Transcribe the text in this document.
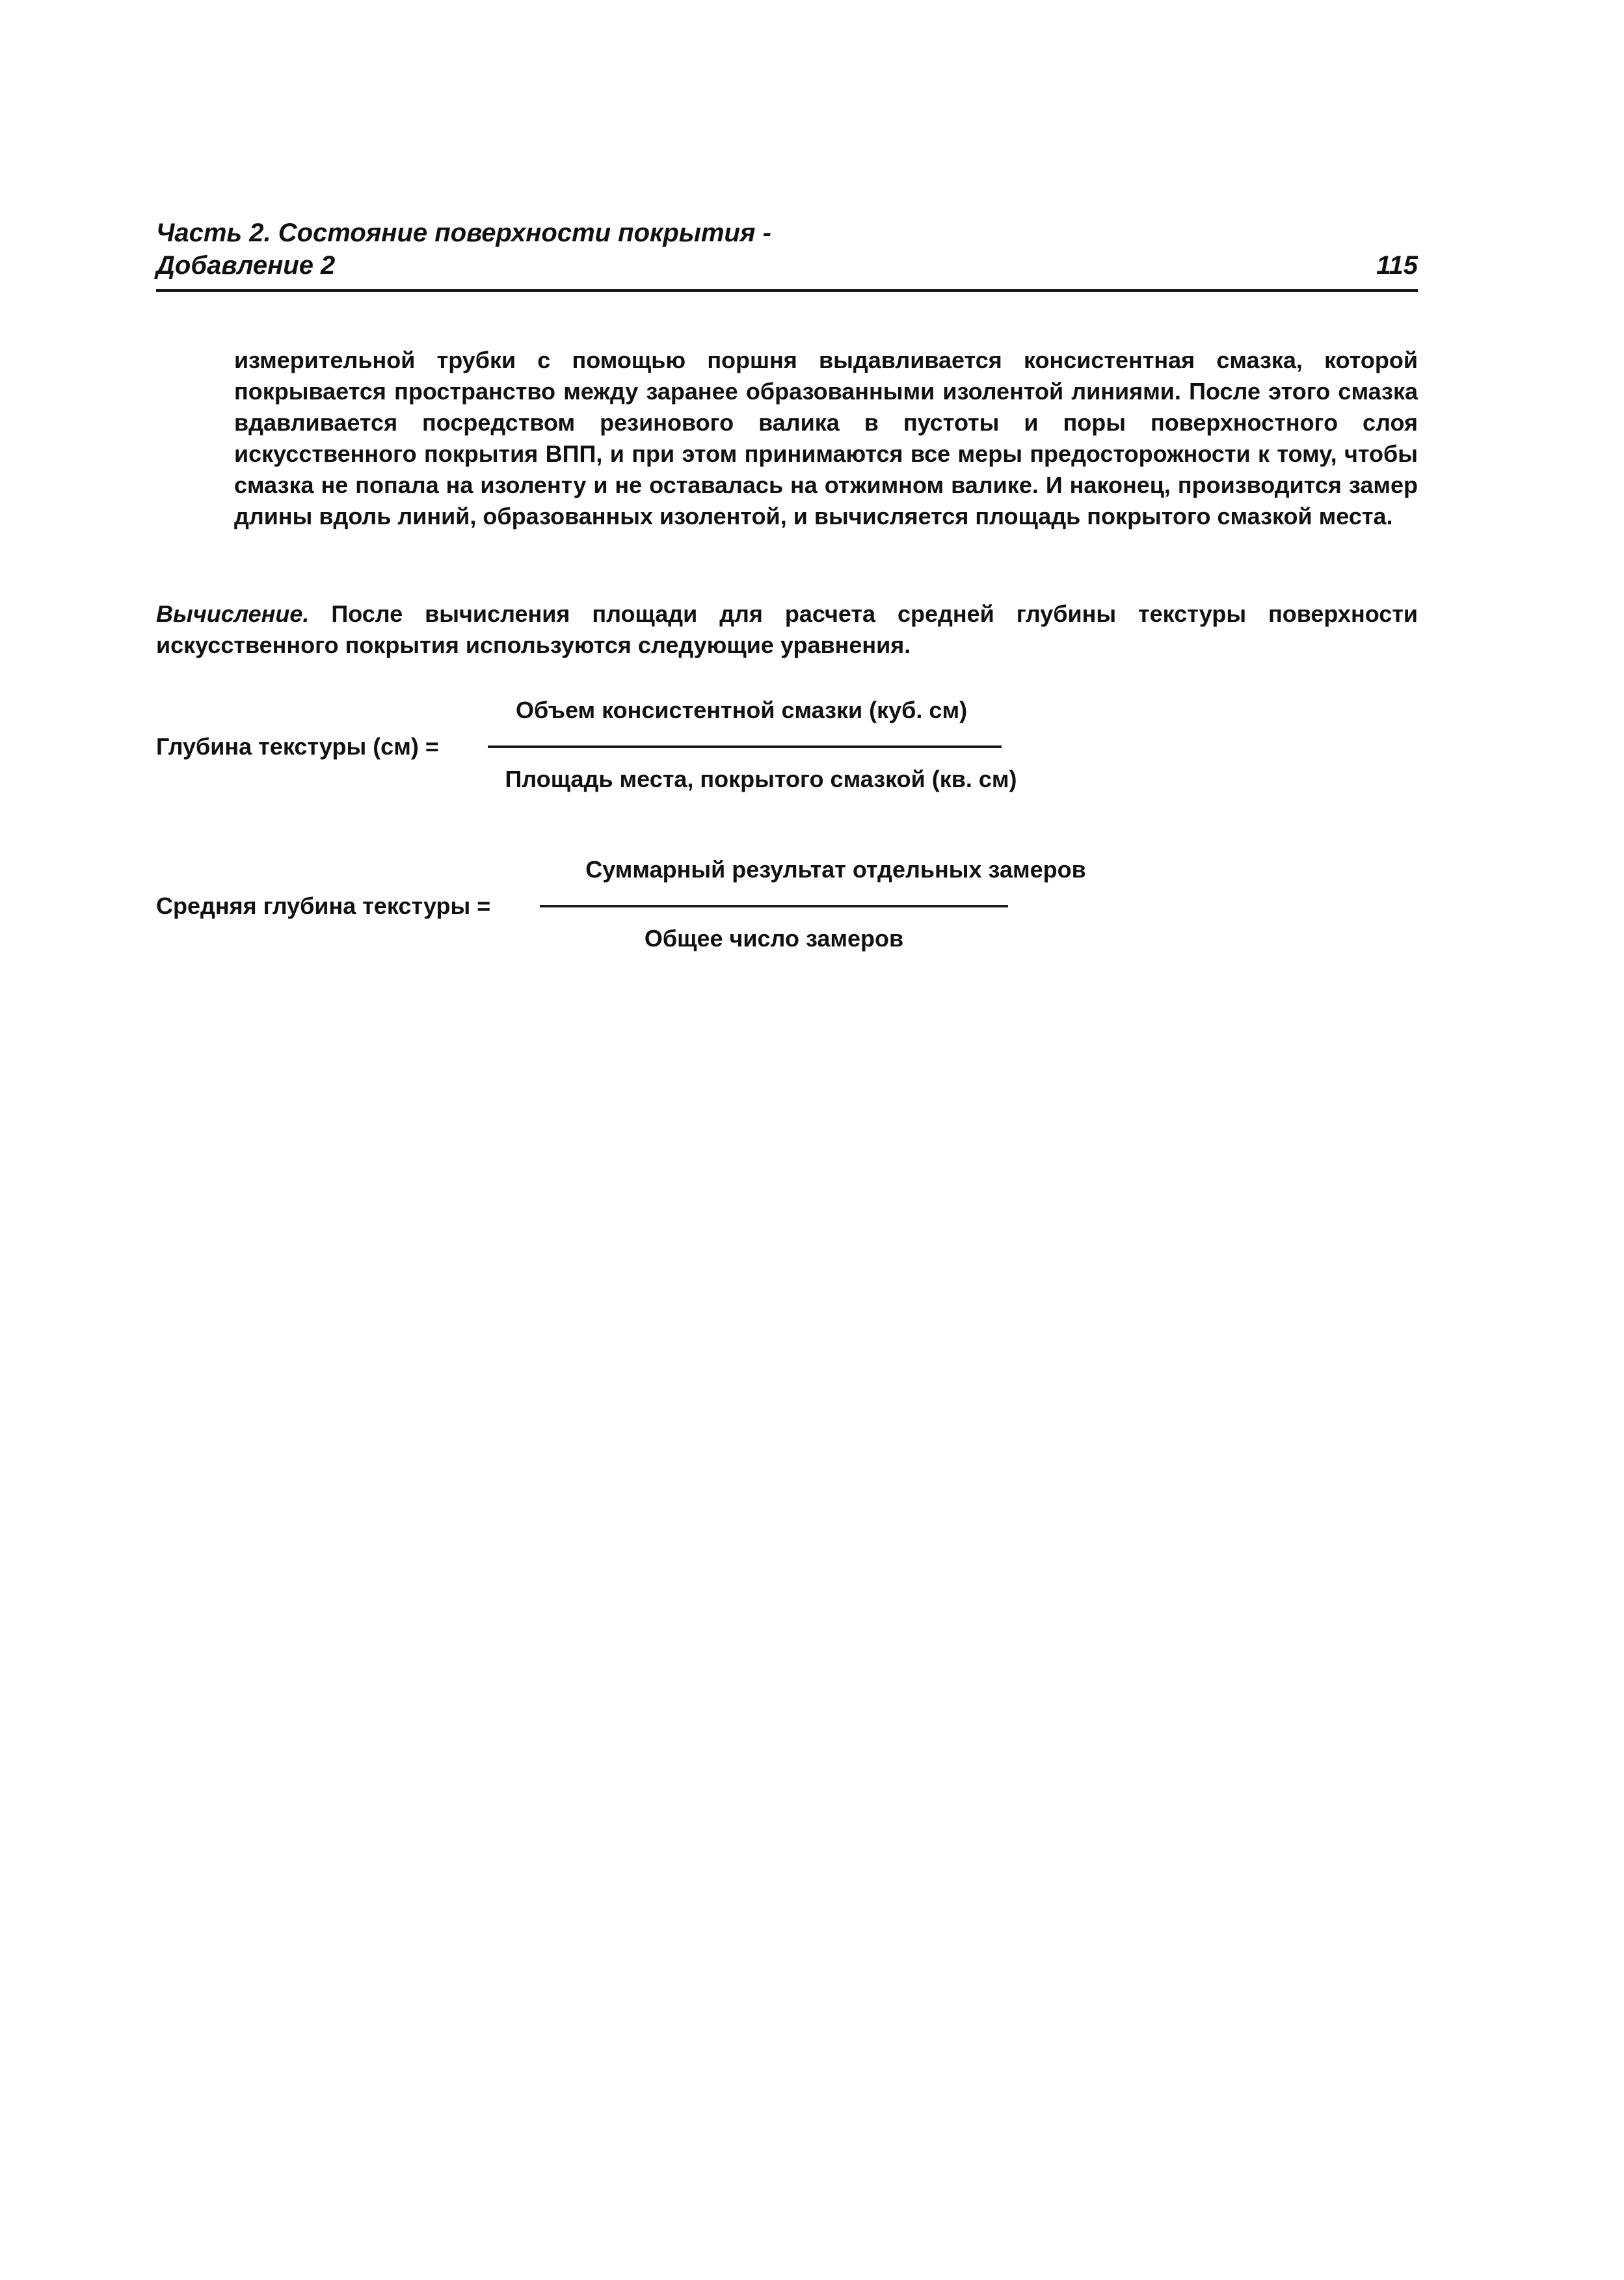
Часть 2. Состояние поверхности покрытия -
Добавление 2	115

измерительной трубки с помощью поршня выдавливается консистентная смазка, которой покрывается пространство между заранее образованными изолентой линиями. После этого смазка вдавливается посредством резинового валика в пустоты и поры поверхностного слоя искусственного покрытия ВПП, и при этом принимаются все меры предосторожности к тому, чтобы смазка не попала на изоленту и не оставалась на отжимном валике. И наконец, производится замер длины вдоль линий, образованных изолентой, и вычисляется площадь покрытого смазкой места.

Вычисление. После вычисления площади для расчета средней глубины текстуры поверхности искусственного покрытия используются следующие уравнения.

Объем консистентной смазки (куб. см)
Глубина текстуры (см) =
Площадь места, покрытого смазкой (кв. см)
Суммарный результат отдельных замеров
Средняя глубина текстуры =
Общее число замеров
